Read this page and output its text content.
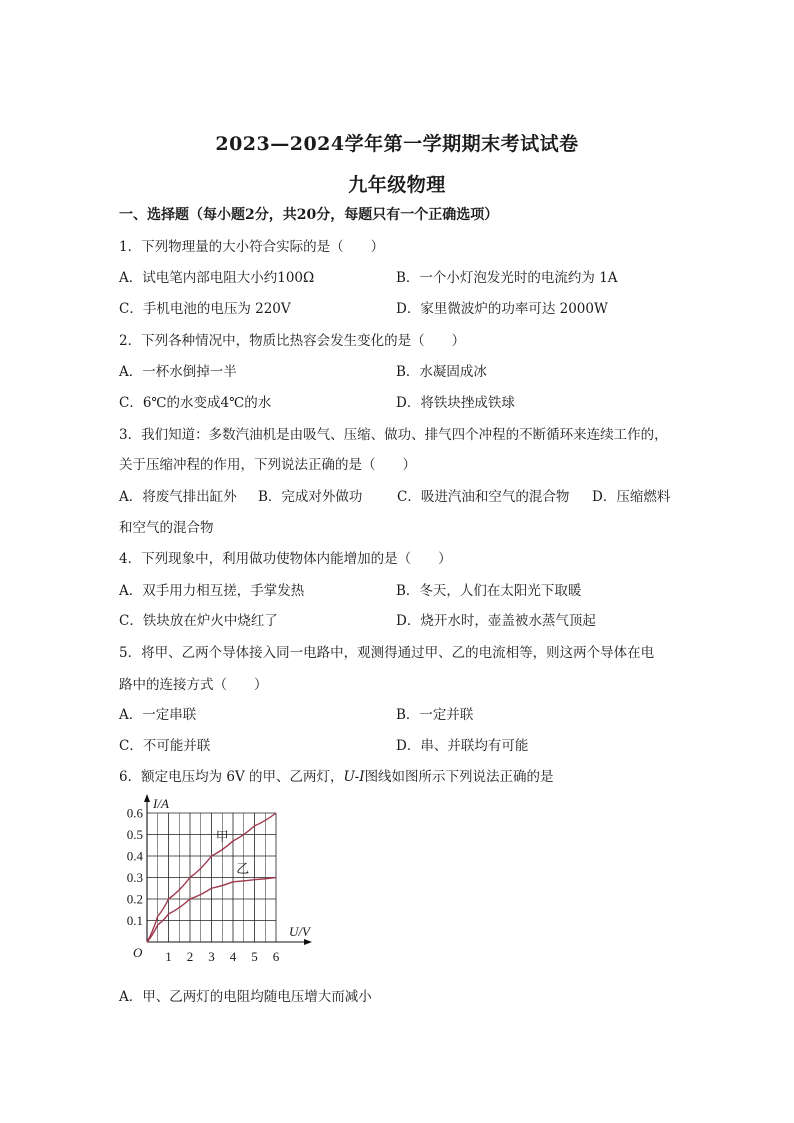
2023—2024学年第一学期期末考试试卷
九年级物理
一、选择题（每小题2分，共20分，每题只有一个正确选项）
1．下列物理量的大小符合实际的是（　　）
A．试电笔内部电阻大小约100Ω	B．一个小灯泡发光时的电流约为 1A
C．手机电池的电压为 220V	D．家里微波炉的功率可达 2000W
2．下列各种情况中，物质比热容会发生变化的是（　　）
A．一杯水倒掉一半	B．水凝固成冰
C．6℃的水变成4℃的水	D．将铁块挫成铁球
3．我们知道：多数汽油机是由吸气、压缩、做功、排气四个冲程的不断循环来连续工作的，
关于压缩冲程的作用，下列说法正确的是（　　）
A．将废气排出缸外 B．完成对外做功	C．吸进汽油和空气的混合物 D．压缩燃料
和空气的混合物
4．下列现象中，利用做功使物体内能增加的是（　　）
A．双手用力相互搓，手掌发热	B．冬天，人们在太阳光下取暖
C．铁块放在炉火中烧红了	D．烧开水时，壶盖被水蒸气顶起
5．将甲、乙两个导体接入同一电路中，观测得通过甲、乙的电流相等，则这两个导体在电
路中的连接方式（　　）
A．一定串联	B．一定并联
C．不可能并联	D．串、并联均有可能
6．额定电压均为 6V 的甲、乙两灯，U-I图线如图所示下列说法正确的是
1 2 3 4 5 6
0.1
0.2
0.3
0.4
0.5
0.6
甲
乙
I/A
U/V
O
A．甲、乙两灯的电阻均随电压增大而减小
